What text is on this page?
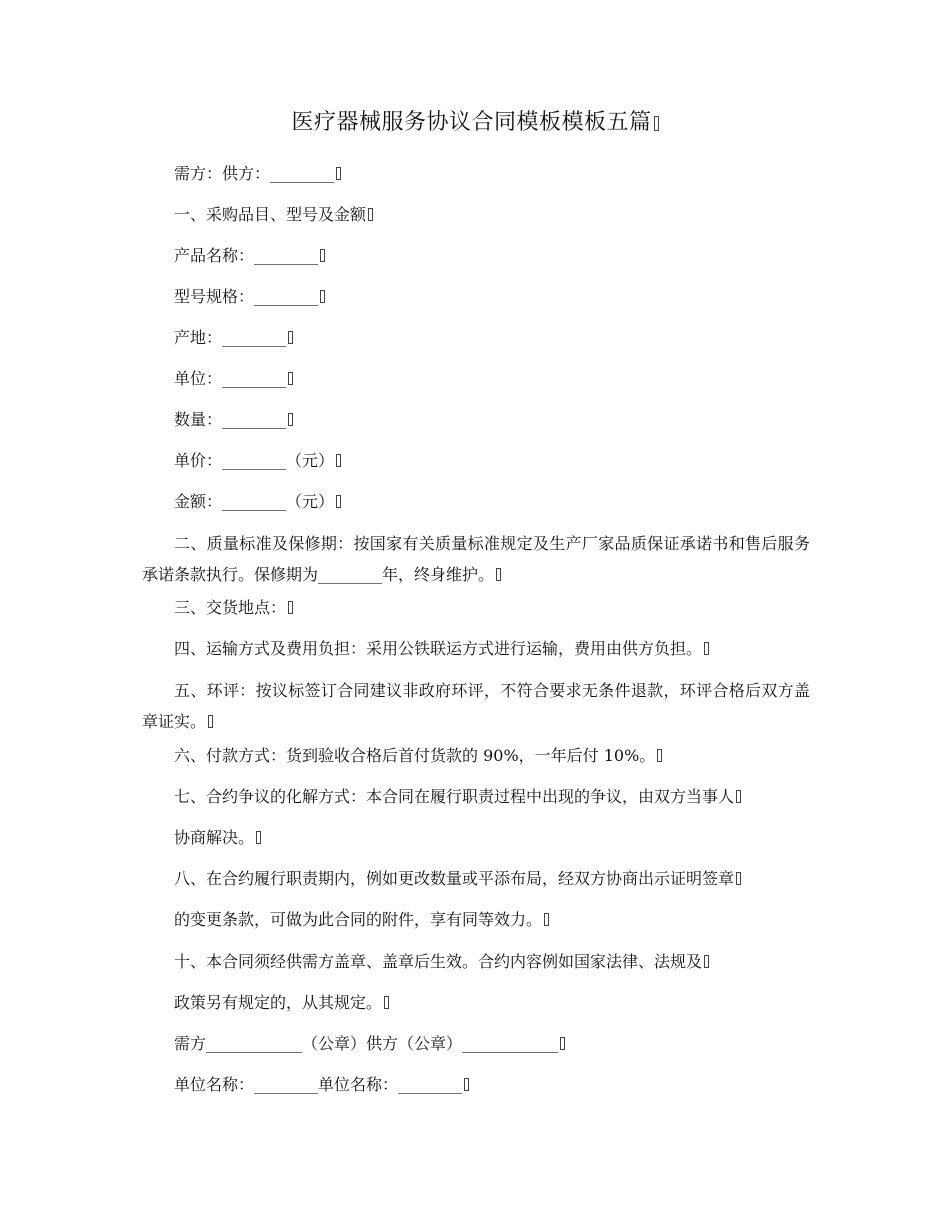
医疗器械服务协议合同模板模板五篇
需方：供方：________
一、采购品目、型号及金额
产品名称：________
型号规格：________
产地：________
单位：________
数量：________
单价：________（元）
金额：________（元）
二、质量标准及保修期：按国家有关质量标准规定及生产厂家品质保证承诺书和售后服务承诺条款执行。保修期为________年，终身维护。
三、交货地点：
四、运输方式及费用负担：采用公铁联运方式进行运输，费用由供方负担。
五、环评：按议标签订合同建议非政府环评，不符合要求无条件退款，环评合格后双方盖章证实。
六、付款方式：货到验收合格后首付货款的 90%，一年后付 10%。
七、合约争议的化解方式：本合同在履行职责过程中出现的争议，由双方当事人
协商解决。
八、在合约履行职责期内，例如更改数量或平添布局，经双方协商出示证明签章
的变更条款，可做为此合同的附件，享有同等效力。
十、本合同须经供需方盖章、盖章后生效。合约内容例如国家法律、法规及
政策另有规定的，从其规定。
需方____________（公章）供方（公章）____________
单位名称：________单位名称：________
